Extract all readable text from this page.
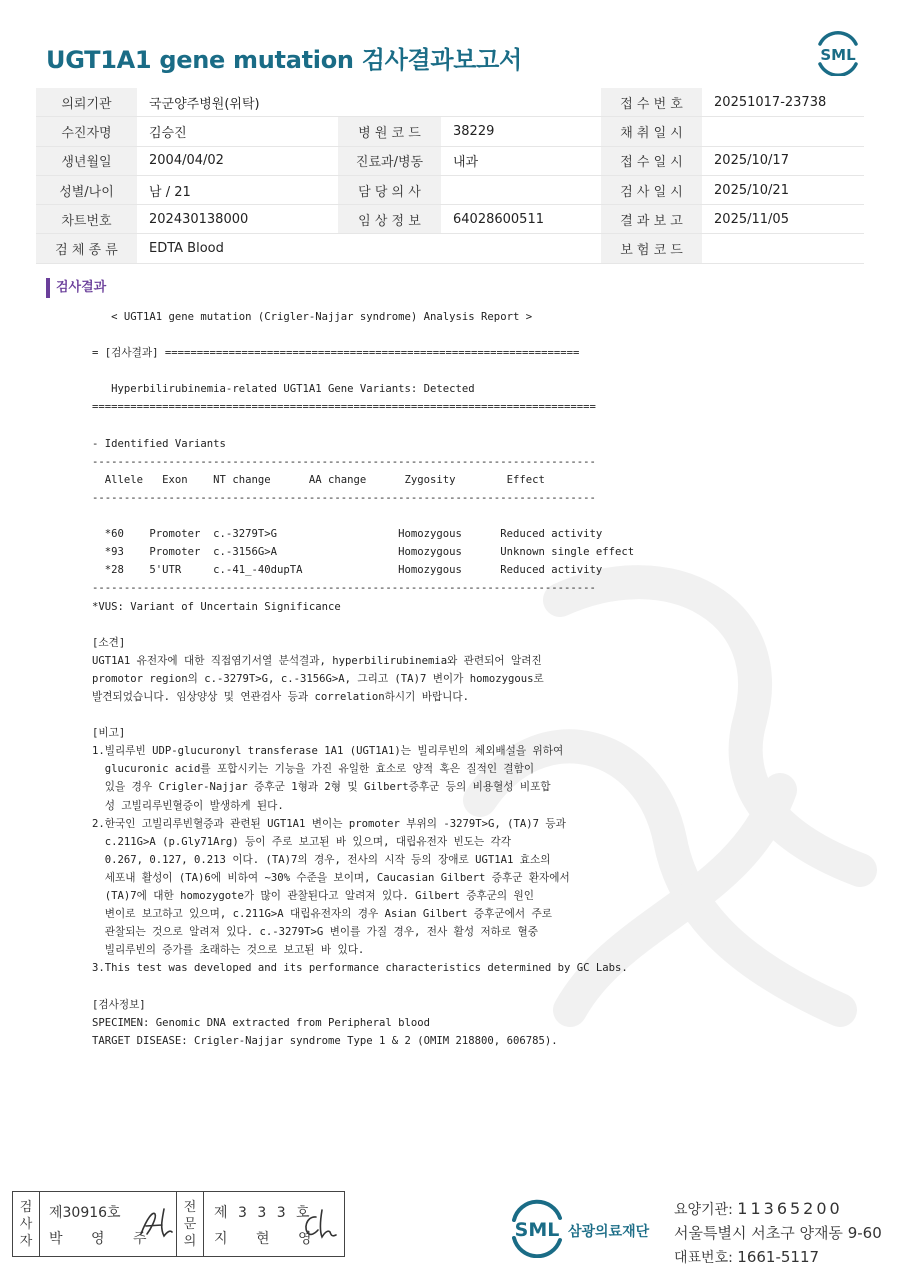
UGT1A1 gene mutation 검사결과보고서	SML
의뢰기관	국군양주병원(위탁)			접 수 번 호	20251017-23738
수진자명	김승진	병 원 코 드	38229	채 취 일 시	
생년월일	2004/04/02	진료과/병동	내과	접 수 일 시	2025/10/17
성별/나이	남 / 21	담 당 의 사		검 사 일 시	2025/10/21
차트번호	202430138000	임 상 정 보	64028600511	결 과 보 고	2025/11/05
검 체 종 류	EDTA Blood			보 험 코 드	
검사결과
< UGT1A1 gene mutation (Crigler-Najjar syndrome) Analysis Report >
= [검사결과] =================================================================
Hyperbilirubinemia-related UGT1A1 Gene Variants: Detected
===============================================================================
- Identified Variants
-------------------------------------------------------------------------------
Allele   Exon    NT change      AA change      Zygosity        Effect
-------------------------------------------------------------------------------
*60    Promoter  c.-3279T>G                   Homozygous      Reduced activity
*93    Promoter  c.-3156G>A                   Homozygous      Unknown single effect
*28    5'UTR     c.-41_-40dupTA               Homozygous      Reduced activity
-------------------------------------------------------------------------------
*VUS: Variant of Uncertain Significance
[소견]
UGT1A1 유전자에 대한 직접염기서열 분석결과, hyperbilirubinemia와 관련되어 알려진
promotor region의 c.-3279T>G, c.-3156G>A, 그리고 (TA)7 변이가 homozygous로
발견되었습니다. 임상양상 및 연관검사 등과 correlation하시기 바랍니다.
[비고]
1.빌리루빈 UDP-glucuronyl transferase 1A1 (UGT1A1)는 빌리루빈의 체외배설을 위하여
glucuronic acid를 포합시키는 기능을 가진 유일한 효소로 양적 혹은 질적인 결함이
있을 경우 Crigler-Najjar 증후군 1형과 2형 및 Gilbert증후군 등의 비용혈성 비포합
성 고빌리루빈혈증이 발생하게 된다.
2.한국인 고빌리루빈혈증과 관련된 UGT1A1 변이는 promoter 부위의 -3279T>G, (TA)7 등과
c.211G>A (p.Gly71Arg) 등이 주로 보고된 바 있으며, 대립유전자 빈도는 각각
0.267, 0.127, 0.213 이다. (TA)7의 경우, 전사의 시작 등의 장애로 UGT1A1 효소의
세포내 활성이 (TA)6에 비하여 ~30% 수준을 보이며, Caucasian Gilbert 증후군 환자에서
(TA)7에 대한 homozygote가 많이 관찰된다고 알려져 있다. Gilbert 증후군의 원인
변이로 보고하고 있으며, c.211G>A 대립유전자의 경우 Asian Gilbert 증후군에서 주로
관찰되는 것으로 알려져 있다. c.-3279T>G 변이를 가질 경우, 전사 활성 저하로 혈중
빌리루빈의 증가를 초래하는 것으로 보고된 바 있다.
3.This test was developed and its performance characteristics determined by GC Labs.
[검사정보]
SPECIMEN: Genomic DNA extracted from Peripheral blood
TARGET DISEASE: Crigler-Najjar syndrome Type 1 & 2 (OMIM 218800, 606785).
검
사
자
제30916호
박 영 주
전
문
의
제 3 3 3 호
지 현 영	SML 삼광의료재단
요양기관: 11365200
서울특별시 서초구 양재동 9-60
대표번호: 1661-5117
